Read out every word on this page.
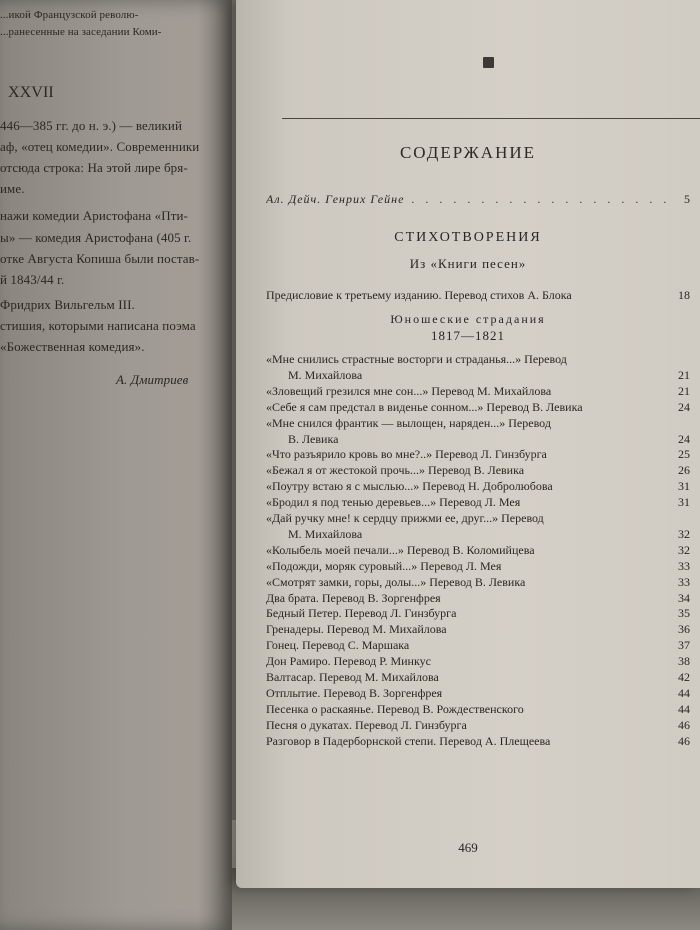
...икой Французской револю-
...ранесенные на заседании Коми-
XXVII
446—385 гг. до н. э.) — великий
аф, «отец комедии». Современники
отсюда строка: На этой лире бря-
име.
нажи комедии Аристофана «Пти-
ы» — комедия Аристофана (405 г.
отке Августа Копиша были постав-
й 1843/44 г.
Фридрих Вильгельм III.
стишия, которыми написана поэма
«Божественная комедия».
А. Дмитриев
СОДЕРЖАНИЕ
Ал. Дейч. Генрих Гейне . . . . . . . . . . . . . . . . . . .	5
СТИХОТВОРЕНИЯ
Из «Книги песен»
Предисловие к третьему изданию. Перевод стихов А. Блока	18
Юношеские страдания
1817—1821
«Мне снились страстные восторги и страданья...» Перевод
М. Михайлова	21
«Зловещий грезился мне сон...» Перевод М. Михайлова	21
«Себе я сам предстал в виденье сонном...» Перевод В. Левика	24
«Мне снился франтик — вылощен, наряден...» Перевод
В. Левика	24
«Что разъярило кровь во мне?..» Перевод Л. Гинзбурга	25
«Бежал я от жестокой прочь...» Перевод В. Левика	26
«Поутру встаю я с мыслью...» Перевод Н. Добролюбова	31
«Бродил я под тенью деревьев...» Перевод Л. Мея	31
«Дай ручку мне! к сердцу прижми ее, друг...» Перевод
М. Михайлова	32
«Колыбель моей печали...» Перевод В. Коломийцева	32
«Подожди, моряк суровый...» Перевод Л. Мея	33
«Смотрят замки, горы, долы...» Перевод В. Левика	33
Два брата. Перевод В. Зоргенфрея	34
Бедный Петер. Перевод Л. Гинзбурга	35
Гренадеры. Перевод М. Михайлова	36
Гонец. Перевод С. Маршака	37
Дон Рамиро. Перевод Р. Минкус	38
Валтасар. Перевод М. Михайлова	42
Отплытие. Перевод В. Зоргенфрея	44
Песенка о раскаянье. Перевод В. Рождественского	44
Песня о дукатах. Перевод Л. Гинзбурга	46
Разговор в Падерборнской степи. Перевод А. Плещеева	46
469
